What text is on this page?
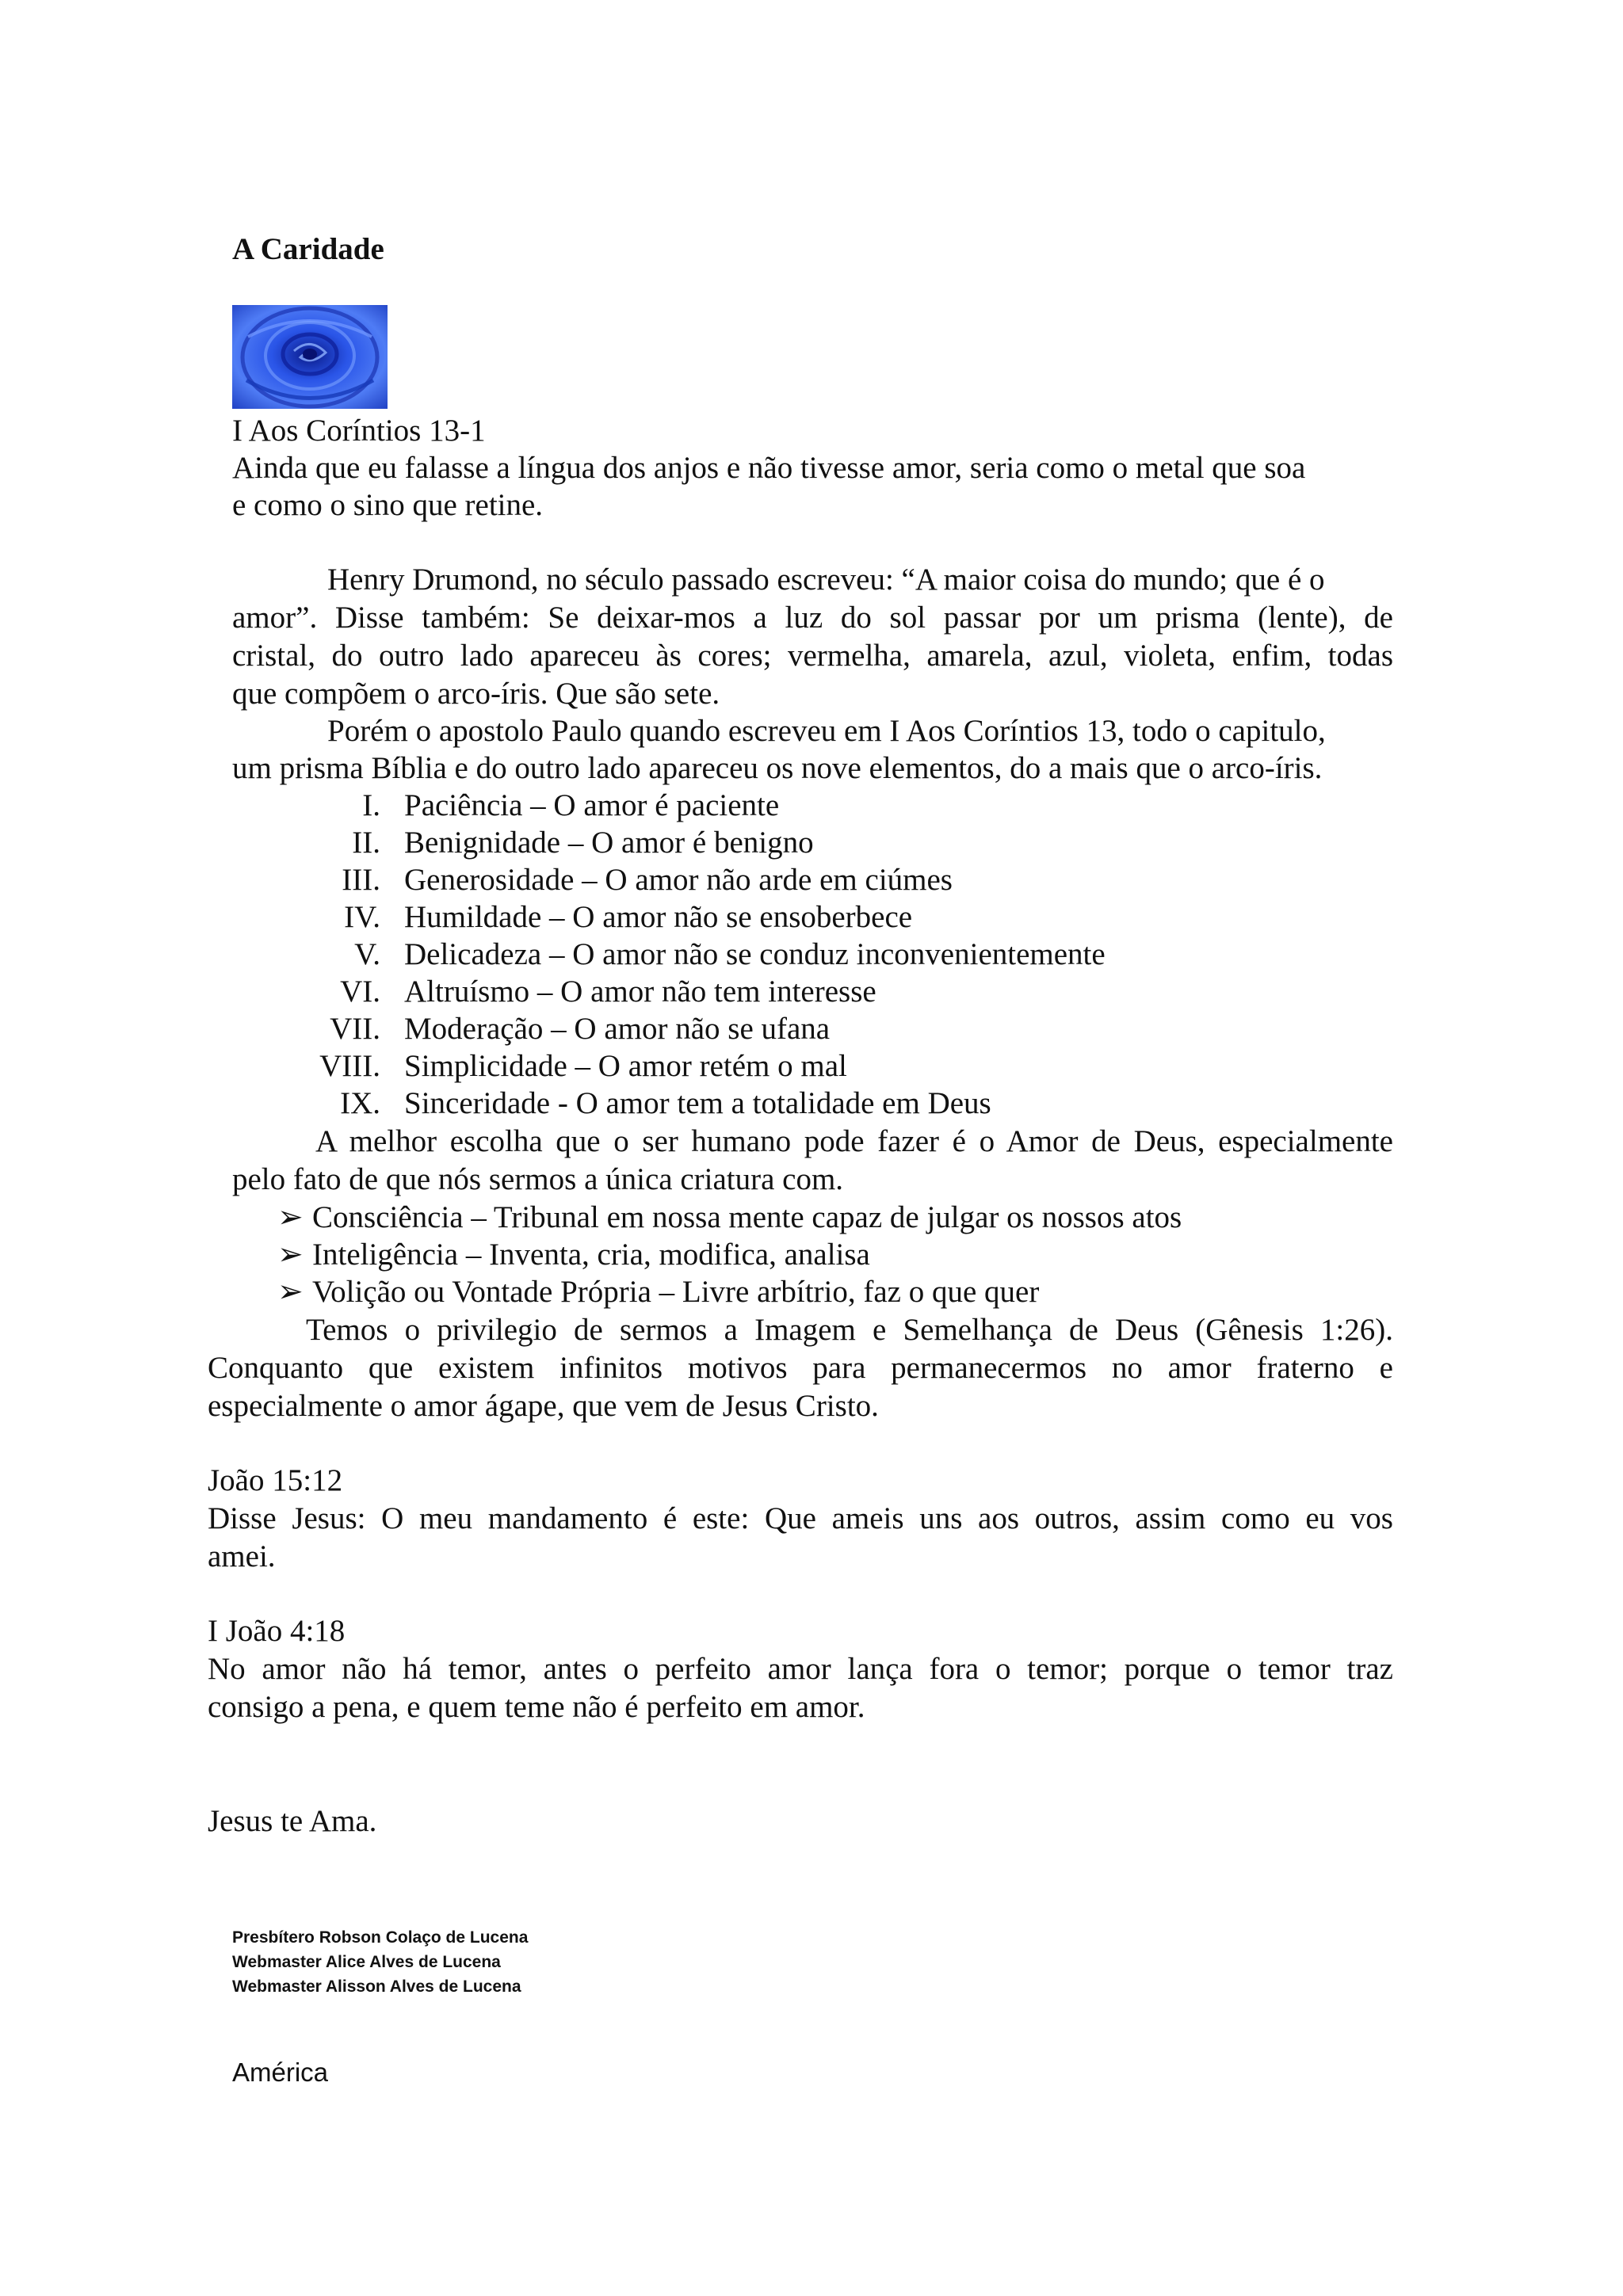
A Caridade
I Aos Coríntios 13-1
Ainda que eu falasse a língua dos anjos e não tivesse amor, seria como o metal que soa
e como o sino que retine.
Henry Drumond, no século passado escreveu: “A maior coisa do mundo; que é o
amor”. Disse também: Se deixar-mos a luz do sol passar por um prisma (lente), de
cristal, do outro lado apareceu às cores; vermelha, amarela, azul, violeta, enfim, todas
que compõem o arco-íris. Que são sete.
Porém o apostolo Paulo quando escreveu em I Aos Coríntios 13, todo o capitulo,
um prisma Bíblia e do outro lado apareceu os nove elementos, do a mais que o arco-íris.
I. Paciência – O amor é paciente
II. Benignidade – O amor é benigno
III. Generosidade – O amor não arde em ciúmes
IV. Humildade – O amor não se ensoberbece
V. Delicadeza – O amor não se conduz inconvenientemente
VI. Altruísmo – O amor não tem interesse
VII. Moderação – O amor não se ufana
VIII. Simplicidade – O amor retém o mal
IX. Sinceridade - O amor tem a totalidade em Deus
A melhor escolha que o ser humano pode fazer é o Amor de Deus, especialmente
pelo fato de que nós sermos a única criatura com.
➢ Consciência – Tribunal em nossa mente capaz de julgar os nossos atos
➢ Inteligência – Inventa, cria, modifica, analisa
➢ Volição ou Vontade Própria – Livre arbítrio, faz o que quer
Temos o privilegio de sermos a Imagem e Semelhança de Deus (Gênesis 1:26).
Conquanto que existem infinitos motivos para permanecermos no amor fraterno e
especialmente o amor ágape, que vem de Jesus Cristo.
João 15:12
Disse Jesus: O meu mandamento é este: Que ameis uns aos outros, assim como eu vos
amei.
I João 4:18
No amor não há temor, antes o perfeito amor lança fora o temor; porque o temor traz
consigo a pena, e quem teme não é perfeito em amor.
Jesus te Ama.
Presbítero Robson Colaço de Lucena
Webmaster Alice Alves de Lucena
Webmaster Alisson Alves de Lucena
América
